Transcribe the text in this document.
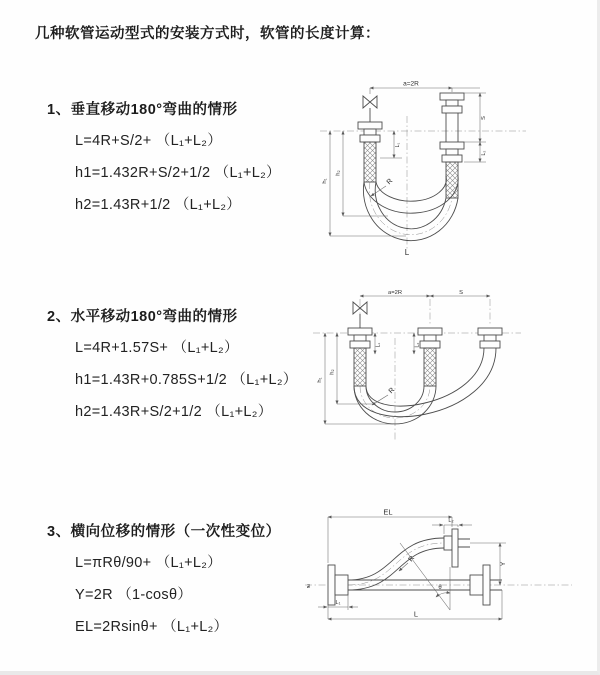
几种软管运动型式的安装方式时，软管的长度计算：
1、垂直移动180°弯曲的情形
L=4R+S/2+ （L₁+L₂）
h1=1.432R+S/2+1/2 （L₁+L₂）
h2=1.43R+1/2 （L₁+L₂）
2、水平移动180°弯曲的情形
L=4R+1.57S+ （L₁+L₂）
h1=1.43R+0.785S+1/2 （L₁+L₂）
h2=1.43R+S/2+1/2 （L₁+L₂）
3、横向位移的情形（一次性变位）
L=πRθ/90+ （L₁+L₂）
Y=2R （1-cosθ）
EL=2Rsinθ+ （L₁+L₂）
a=2R
h₁
h₂
L₁
S
L₂
R
L
a=2R	S
h₁
h₂
L₁	L₂
R
ƶ
EL
L₂
Y
R
θ
L₁
L
